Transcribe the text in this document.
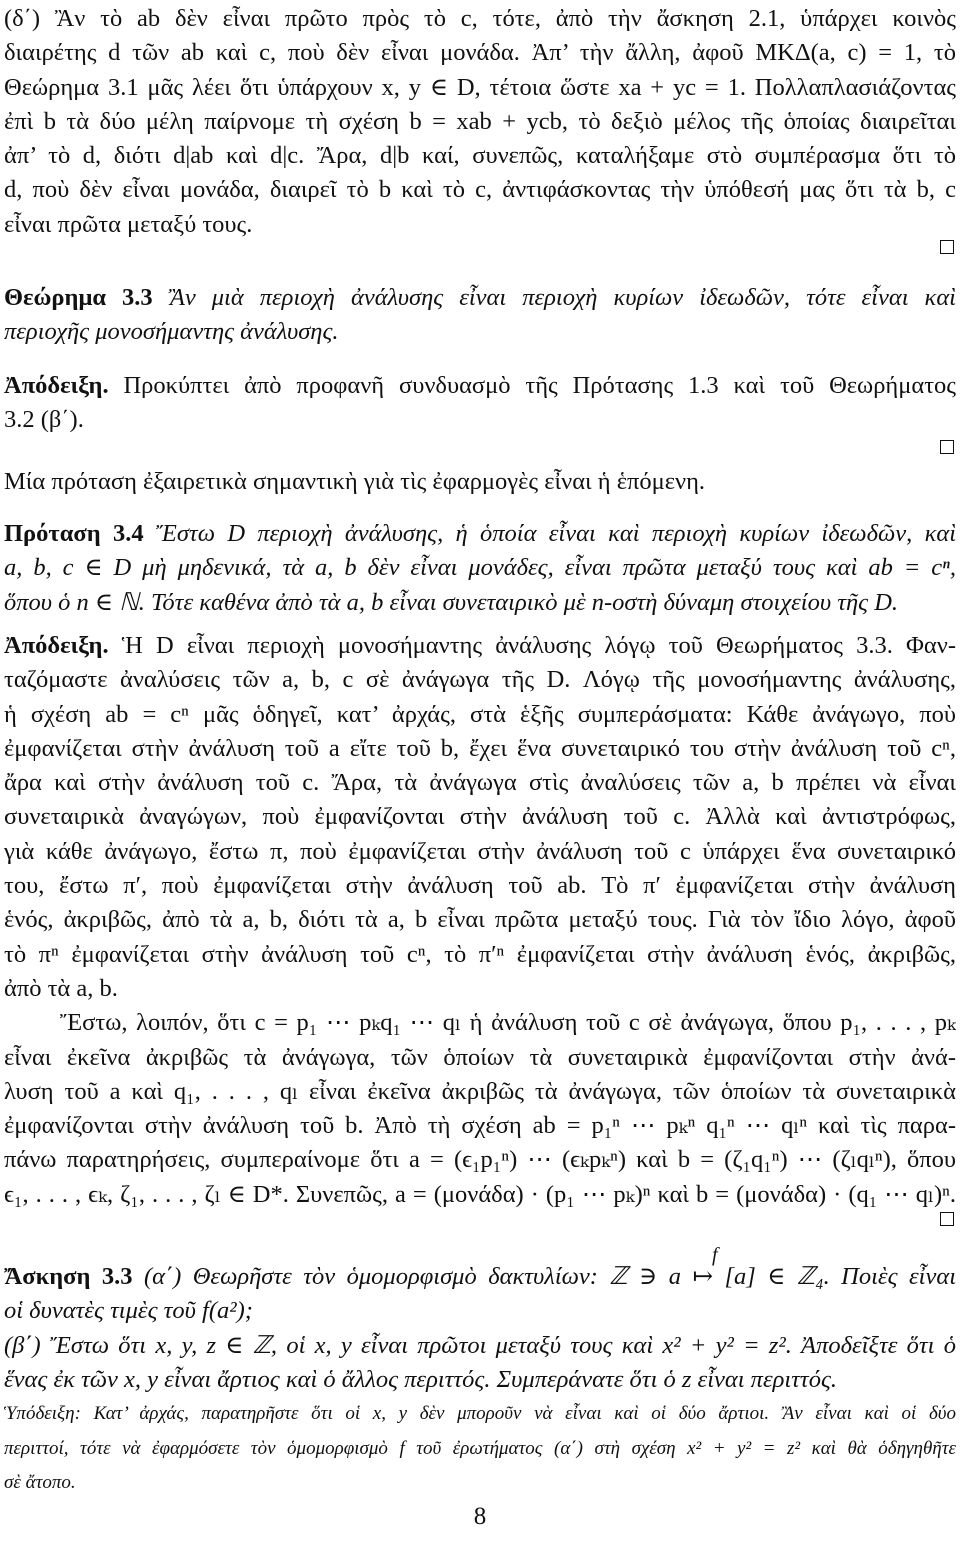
(δ΄) Ἂν τὸ ab δὲν εἶναι πρῶτο πρὸς τὸ c, τότε, ἀπὸ τὴν ἄσκηση 2.1, ὑπάρχει κοινὸς
διαιρέτης d τῶν ab καὶ c, ποὺ δὲν εἶναι μονάδα. Ἀπ’ τὴν ἄλλη, ἀφοῦ ΜΚΔ(a, c) = 1, τὸ
Θεώρημα 3.1 μᾶς λέει ὅτι ὑπάρχουν x, y ∈ D, τέτοια ὥστε xa + yc = 1. Πολλαπλασιάζοντας
ἐπὶ b τὰ δύο μέλη παίρνομε τὴ σχέση b = xab + ycb, τὸ δεξιὸ μέλος τῆς ὁποίας διαιρεῖται
ἀπ’ τὸ d, διότι d|ab καὶ d|c. Ἄρα, d|b καί, συνεπῶς, καταλήξαμε στὸ συμπέρασμα ὅτι τὸ
d, ποὺ δὲν εἶναι μονάδα, διαιρεῖ τὸ b καὶ τὸ c, ἀντιφάσκοντας τὴν ὑπόθεσή μας ὅτι τὰ b, c
εἶναι πρῶτα μεταξύ τους.
Θεώρημα 3.3 Ἂν μιὰ περιοχὴ ἀνάλυσης εἶναι περιοχὴ κυρίων ἰδεωδῶν, τότε εἶναι καὶ
περιοχῆς μονοσήμαντης ἀνάλυσης.
Ἀπόδειξη. Προκύπτει ἀπὸ προφανῆ συνδυασμὸ τῆς Πρότασης 1.3 καὶ τοῦ Θεωρήματος
3.2 (β΄).
Μία πρόταση ἐξαιρετικὰ σημαντικὴ γιὰ τὶς ἐφαρμογὲς εἶναι ἡ ἑπόμενη.
Πρόταση 3.4 Ἔστω D περιοχὴ ἀνάλυσης, ἡ ὁποία εἶναι καὶ περιοχὴ κυρίων ἰδεωδῶν, καὶ
a, b, c ∈ D μὴ μηδενικά, τὰ a, b δὲν εἶναι μονάδες, εἶναι πρῶτα μεταξύ τους καὶ ab = cⁿ,
ὅπου ὁ n ∈ ℕ. Τότε καθένα ἀπὸ τὰ a, b εἶναι συνεταιρικὸ μὲ n-οστὴ δύναμη στοιχείου τῆς D.
Ἀπόδειξη. Ἡ D εἶναι περιοχὴ μονοσήμαντης ἀνάλυσης λόγῳ τοῦ Θεωρήματος 3.3. Φαν-
ταζόμαστε ἀναλύσεις τῶν a, b, c σὲ ἀνάγωγα τῆς D. Λόγῳ τῆς μονοσήμαντης ἀνάλυσης,
ἡ σχέση ab = cⁿ μᾶς ὁδηγεῖ, κατ’ ἀρχάς, στὰ ἑξῆς συμπεράσματα: Κάθε ἀνάγωγο, ποὺ
ἐμφανίζεται στὴν ἀνάλυση τοῦ a εἴτε τοῦ b, ἔχει ἕνα συνεταιρικό του στὴν ἀνάλυση τοῦ cⁿ,
ἄρα καὶ στὴν ἀνάλυση τοῦ c. Ἄρα, τὰ ἀνάγωγα στὶς ἀναλύσεις τῶν a, b πρέπει νὰ εἶναι
συνεταιρικὰ ἀναγώγων, ποὺ ἐμφανίζονται στὴν ἀνάλυση τοῦ c. Ἀλλὰ καὶ ἀντιστρόφως,
γιὰ κάθε ἀνάγωγο, ἔστω π, ποὺ ἐμφανίζεται στὴν ἀνάλυση τοῦ c ὑπάρχει ἕνα συνεταιρικό
του, ἔστω π′, ποὺ ἐμφανίζεται στὴν ἀνάλυση τοῦ ab. Τὸ π′ ἐμφανίζεται στὴν ἀνάλυση
ἑνός, ἀκριβῶς, ἀπὸ τὰ a, b, διότι τὰ a, b εἶναι πρῶτα μεταξύ τους. Γιὰ τὸν ἴδιο λόγο, ἀφοῦ
τὸ πⁿ ἐμφανίζεται στὴν ἀνάλυση τοῦ cⁿ, τὸ π′ⁿ ἐμφανίζεται στὴν ἀνάλυση ἑνός, ἀκριβῶς,
ἀπὸ τὰ a, b.
Ἔστω, λοιπόν, ὅτι c = p₁ ⋯ pₖq₁ ⋯ qₗ ἡ ἀνάλυση τοῦ c σὲ ἀνάγωγα, ὅπου p₁, . . . , pₖ
εἶναι ἐκεῖνα ἀκριβῶς τὰ ἀνάγωγα, τῶν ὁποίων τὰ συνεταιρικὰ ἐμφανίζονται στὴν ἀνά-
λυση τοῦ a καὶ q₁, . . . , qₗ εἶναι ἐκεῖνα ἀκριβῶς τὰ ἀνάγωγα, τῶν ὁποίων τὰ συνεταιρικὰ
ἐμφανίζονται στὴν ἀνάλυση τοῦ b. Ἀπὸ τὴ σχέση ab = p₁ⁿ ⋯ pₖⁿ q₁ⁿ ⋯ qₗⁿ καὶ τὶς παρα-
πάνω παρατηρήσεις, συμπεραίνομε ὅτι a = (ϵ₁p₁ⁿ) ⋯ (ϵₖpₖⁿ) καὶ b = (ζ₁q₁ⁿ) ⋯ (ζₗqₗⁿ), ὅπου
ϵ₁, . . . , ϵₖ, ζ₁, . . . , ζₗ ∈ D*. Συνεπῶς, a = (μονάδα) · (p₁ ⋯ pₖ)ⁿ καὶ b = (μονάδα) · (q₁ ⋯ qₗ)ⁿ.
f
Ἄσκηση 3.3 (α΄) Θεωρῆστε τὸν ὁμομορφισμὸ δακτυλίων: ℤ ∋ a ↦ [a] ∈ ℤ₄. Ποιὲς εἶναι
οἱ δυνατὲς τιμὲς τοῦ f(a²);
(β΄) Ἔστω ὅτι x, y, z ∈ ℤ, οἱ x, y εἶναι πρῶτοι μεταξύ τους καὶ x² + y² = z². Ἀποδεῖξτε ὅτι ὁ
ἕνας ἐκ τῶν x, y εἶναι ἄρτιος καὶ ὁ ἄλλος περιττός. Συμπεράνατε ὅτι ὁ z εἶναι περιττός.
Ὑπόδειξη: Κατ’ ἀρχάς, παρατηρῆστε ὅτι οἱ x, y δὲν μποροῦν νὰ εἶναι καὶ οἱ δύο ἄρτιοι. Ἂν εἶναι καὶ οἱ δύο
περιττοί, τότε νὰ ἐφαρμόσετε τὸν ὁμομορφισμὸ f τοῦ ἐρωτήματος (α΄) στὴ σχέση x² + y² = z² καὶ θὰ ὁδηγηθῆτε
σὲ ἄτοπο.
8
